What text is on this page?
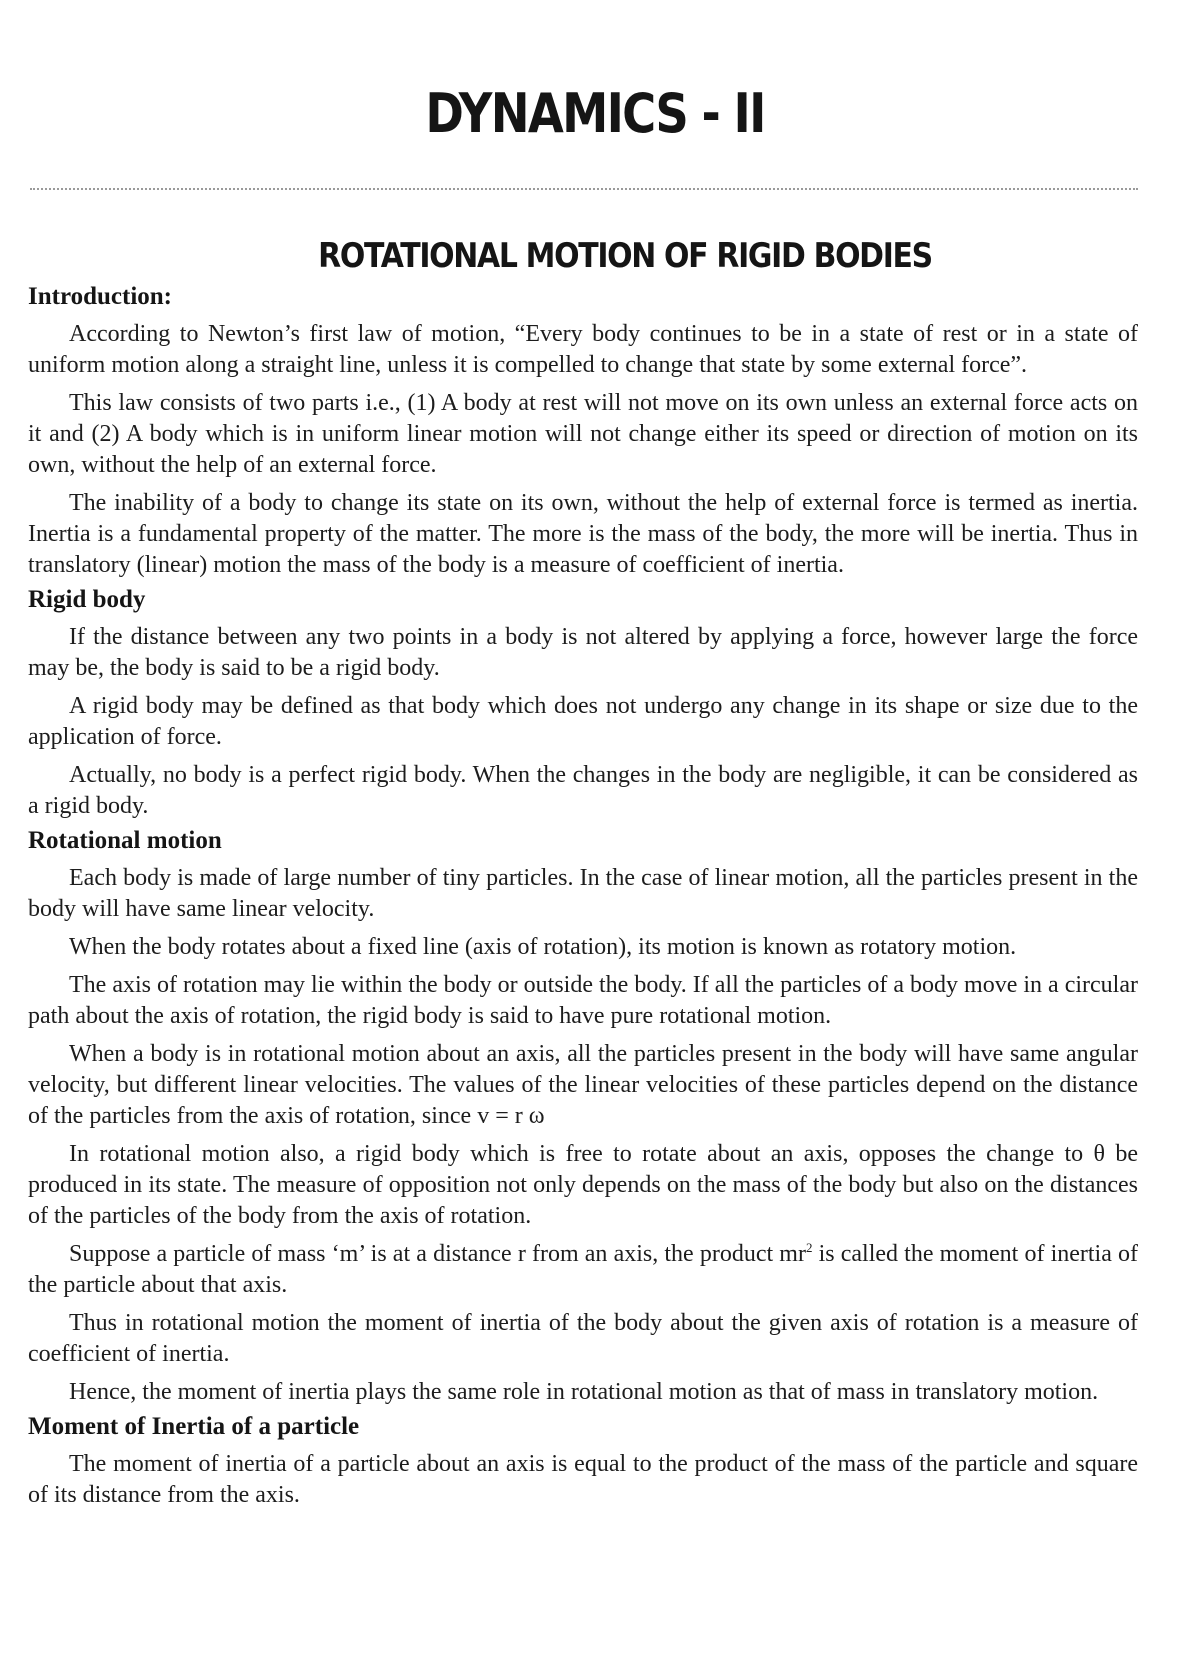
DYNAMICS - II
ROTATIONAL MOTION OF RIGID BODIES
Introduction:

According to Newton’s first law of motion, “Every body continues to be in a state of rest or in a state of uniform motion along a straight line, unless it is compelled to change that state by some external force”.

This law consists of two parts i.e., (1) A body at rest will not move on its own unless an external force acts on it and (2) A body which is in uniform linear motion will not change either its speed or direction of motion on its own, without the help of an external force.

The inability of a body to change its state on its own, without the help of external force is termed as inertia. Inertia is a fundamental property of the matter. The more is the mass of the body, the more will be inertia. Thus in translatory (linear) motion the mass of the body is a measure of coefficient of inertia.

Rigid body

If the distance between any two points in a body is not altered by applying a force, however large the force may be, the body is said to be a rigid body.

A rigid body may be defined as that body which does not undergo any change in its shape or size due to the application of force.

Actually, no body is a perfect rigid body. When the changes in the body are negligible, it can be considered as a rigid body.

Rotational motion

Each body is made of large number of tiny particles. In the case of linear motion, all the particles present in the body will have same linear velocity.

When the body rotates about a fixed line (axis of rotation), its motion is known as rotatory motion.

The axis of rotation may lie within the body or outside the body. If all the particles of a body move in a circular path about the axis of rotation, the rigid body is said to have pure rotational motion.

When a body is in rotational motion about an axis, all the particles present in the body will have same angular velocity, but different linear velocities. The values of the linear velocities of these particles depend on the distance of the particles from the axis of rotation, since v = r ω

In rotational motion also, a rigid body which is free to rotate about an axis, opposes the change to θ be produced in its state. The measure of opposition not only depends on the mass of the body but also on the distances of the particles of the body from the axis of rotation.

Suppose a particle of mass ‘m’ is at a distance r from an axis, the product $mr^2$ is called the moment of inertia of the particle about that axis.

Thus in rotational motion the moment of inertia of the body about the given axis of rotation is a measure of coefficient of inertia.

Hence, the moment of inertia plays the same role in rotational motion as that of mass in translatory motion.

Moment of Inertia of a particle

The moment of inertia of a particle about an axis is equal to the product of the mass of the particle and square of its distance from the axis.
